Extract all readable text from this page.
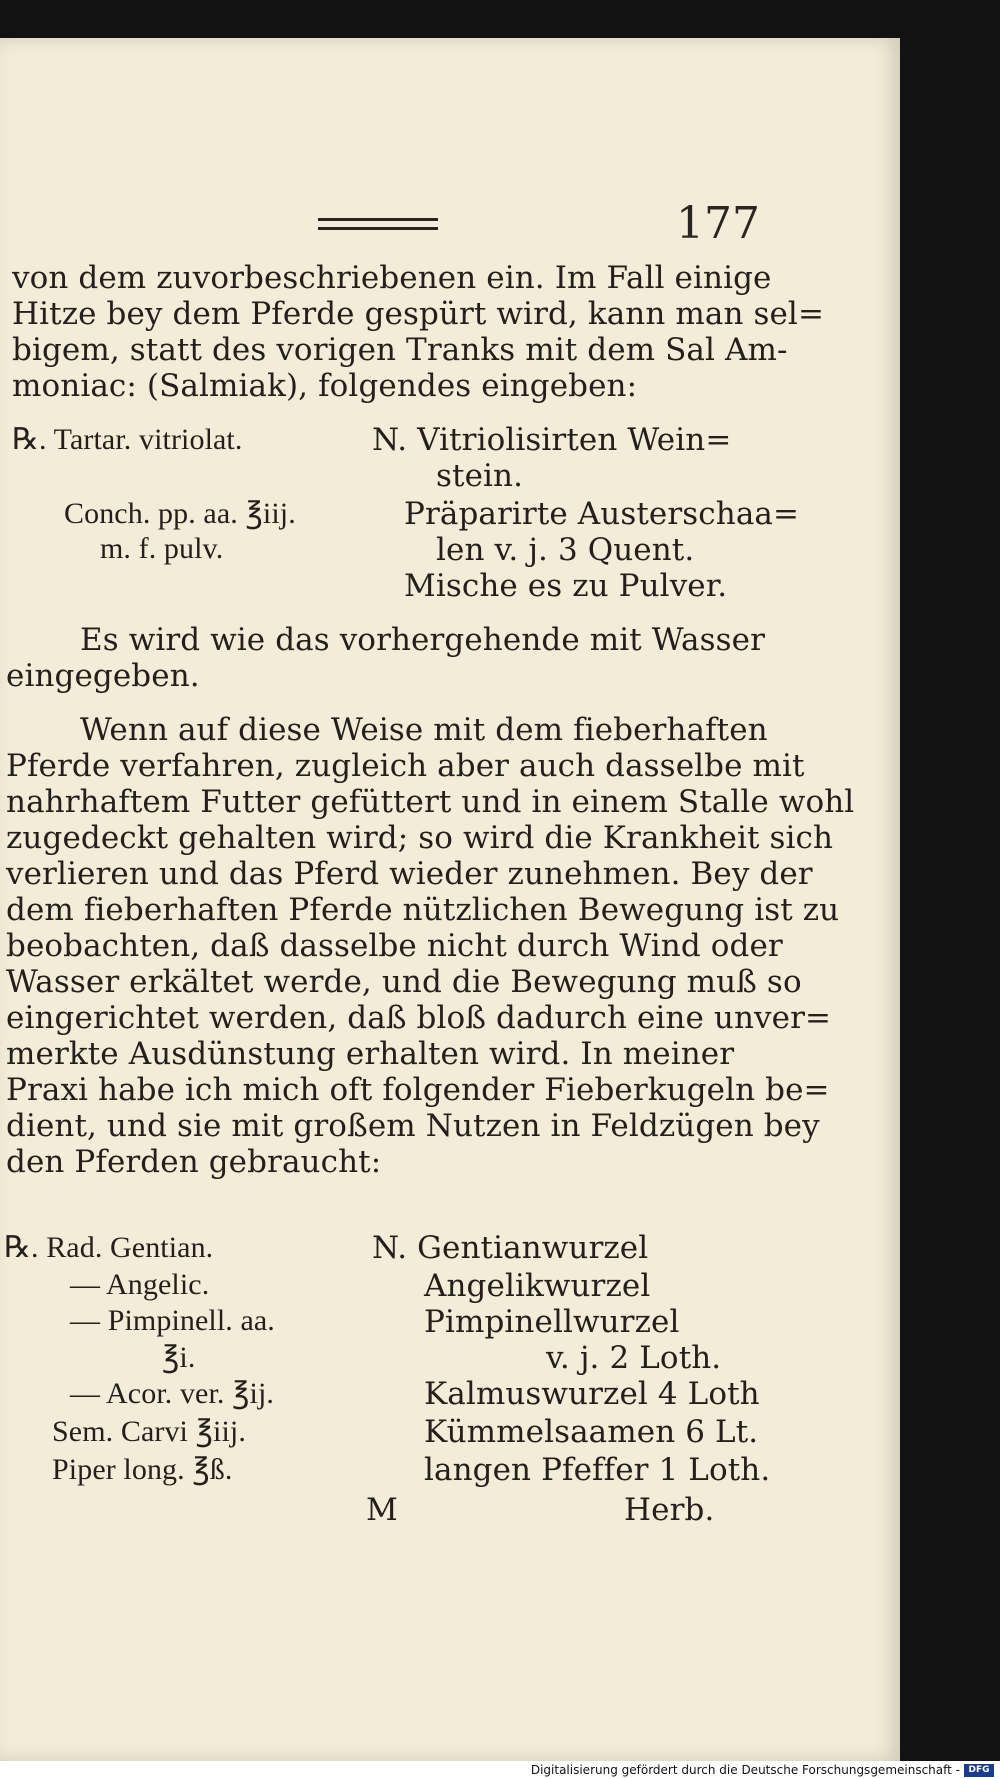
177
von dem zuvorbeschriebenen ein. Im Fall einige
Hitze bey dem Pferde gespürt wird, kann man sel=
bigem, statt des vorigen Tranks mit dem Sal Am-
moniac: (Salmiak), folgendes eingeben:
℞. Tartar. vitriolat.
Conch. pp. aa. ℥iij.
m. f. pulv.
N. Vitriolisirten Wein=
stein.
Präparirte Austerschaa=
len v. j. 3 Quent.
Mische es zu Pulver.
Es wird wie das vorhergehende mit Wasser
eingegeben.
Wenn auf diese Weise mit dem fieberhaften
Pferde verfahren, zugleich aber auch dasselbe mit
nahrhaftem Futter gefüttert und in einem Stalle wohl
zugedeckt gehalten wird; so wird die Krankheit sich
verlieren und das Pferd wieder zunehmen. Bey der
dem fieberhaften Pferde nützlichen Bewegung ist zu
beobachten, daß dasselbe nicht durch Wind oder
Wasser erkältet werde, und die Bewegung muß so
eingerichtet werden, daß bloß dadurch eine unver=
merkte Ausdünstung erhalten wird. In meiner
Praxi habe ich mich oft folgender Fieberkugeln be=
dient, und sie mit großem Nutzen in Feldzügen bey
den Pferden gebraucht:
℞. Rad. Gentian.
— Angelic.
— Pimpinell. aa.
℥i.
— Acor. ver. ℥ij.
Sem. Carvi ℥iij.
Piper long. ℥ß.
N. Gentianwurzel
Angelikwurzel
Pimpinellwurzel
v. j. 2 Loth.
Kalmuswurzel 4 Loth
Kümmelsaamen 6 Lt.
langen Pfeffer 1 Loth.
M	Herb.
Digitalisierung gefördert durch die Deutsche Forschungsgemeinschaft - DFG
